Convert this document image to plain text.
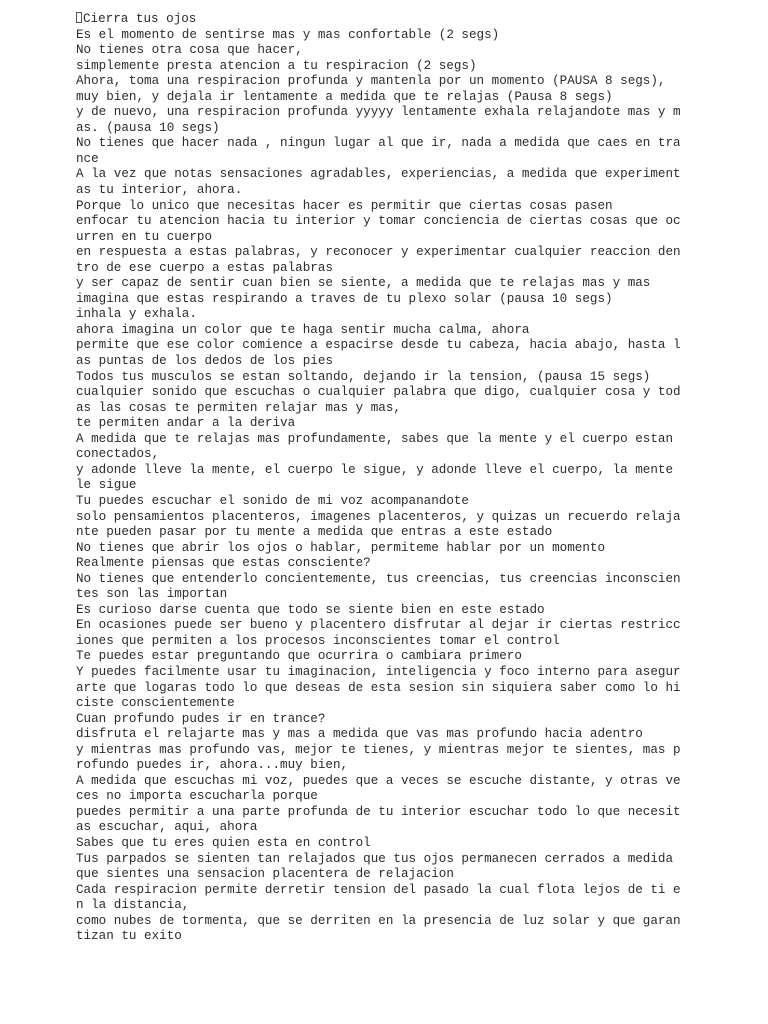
Cierra tus ojos
Es el momento de sentirse mas y mas confortable (2 segs)
No tienes otra cosa que hacer,
simplemente presta atencion a tu respiracion (2 segs)
Ahora, toma una respiracion profunda y mantenla por un momento (PAUSA 8 segs),
muy bien, y dejala ir lentamente a medida que te relajas (Pausa 8 segs)
y de nuevo, una respiracion profunda yyyyy lentamente exhala relajandote mas y m
as. (pausa 10 segs)
No tienes que hacer nada , ningun lugar al que ir, nada a medida que caes en tra
nce
A la vez que notas sensaciones agradables, experiencias, a medida que experiment
as tu interior, ahora.
Porque lo unico que necesitas hacer es permitir que ciertas cosas pasen
enfocar tu atencion hacia tu interior y tomar conciencia de ciertas cosas que oc
urren en tu cuerpo
en respuesta a estas palabras, y reconocer y experimentar cualquier reaccion den
tro de ese cuerpo a estas palabras
y ser capaz de sentir cuan bien se siente, a medida que te relajas mas y mas
imagina que estas respirando a traves de tu plexo solar (pausa 10 segs)
inhala y exhala.
ahora imagina un color que te haga sentir mucha calma, ahora
permite que ese color comience a espacirse desde tu cabeza, hacia abajo, hasta l
as puntas de los dedos de los pies
Todos tus musculos se estan soltando, dejando ir la tension, (pausa 15 segs)
cualquier sonido que escuchas o cualquier palabra que digo, cualquier cosa y tod
as las cosas te permiten relajar mas y mas,
te permiten andar a la deriva
A medida que te relajas mas profundamente, sabes que la mente y el cuerpo estan
conectados,
y adonde lleve la mente, el cuerpo le sigue, y adonde lleve el cuerpo, la mente
le sigue
Tu puedes escuchar el sonido de mi voz acompanandote
solo pensamientos placenteros, imagenes placenteros, y quizas un recuerdo relaja
nte pueden pasar por tu mente a medida que entras a este estado
No tienes que abrir los ojos o hablar, permiteme hablar por un momento
Realmente piensas que estas consciente?
No tienes que entenderlo concientemente, tus creencias, tus creencias inconscien
tes son las importan
Es curioso darse cuenta que todo se siente bien en este estado
En ocasiones puede ser bueno y placentero disfrutar al dejar ir ciertas restricc
iones que permiten a los procesos inconscientes tomar el control
Te puedes estar preguntando que ocurrira o cambiara primero
Y puedes facilmente usar tu imaginacion, inteligencia y foco interno para asegur
arte que logaras todo lo que deseas de esta sesion sin siquiera saber como lo hi
ciste conscientemente
Cuan profundo pudes ir en trance?
disfruta el relajarte mas y mas a medida que vas mas profundo hacia adentro
y mientras mas profundo vas, mejor te tienes, y mientras mejor te sientes, mas p
rofundo puedes ir, ahora...muy bien,
A medida que escuchas mi voz, puedes que a veces se escuche distante, y otras ve
ces no importa escucharla porque
puedes permitir a una parte profunda de tu interior escuchar todo lo que necesit
as escuchar, aqui, ahora
Sabes que tu eres quien esta en control
Tus parpados se sienten tan relajados que tus ojos permanecen cerrados a medida
que sientes una sensacion placentera de relajacion
Cada respiracion permite derretir tension del pasado la cual flota lejos de ti e
n la distancia,
como nubes de tormenta, que se derriten en la presencia de luz solar y que garan
tizan tu exito
